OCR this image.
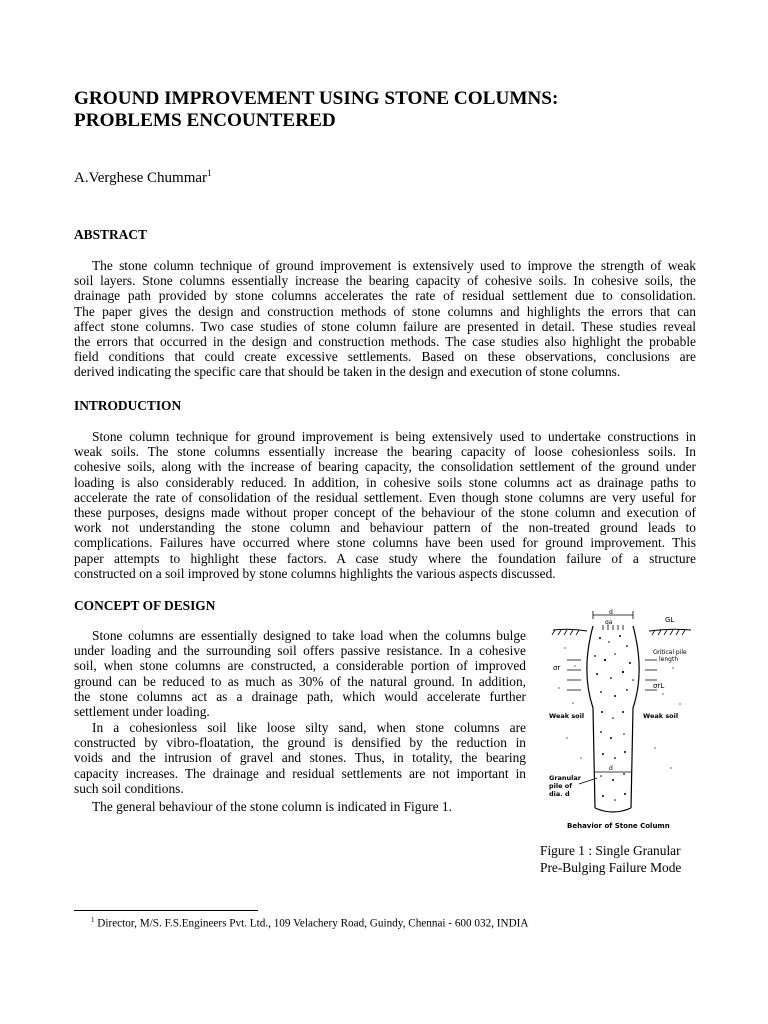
GROUND IMPROVEMENT USING STONE COLUMNS:
PROBLEMS ENCOUNTERED

A.Verghese Chummar$^1$

ABSTRACT
The stone column technique of ground improvement is extensively used to improve the strength of weak
soil layers. Stone columns essentially increase the bearing capacity of cohesive soils. In cohesive soils, the
drainage path provided by stone columns accelerates the rate of residual settlement due to consolidation.
The paper gives the design and construction methods of stone columns and highlights the errors that can
affect stone columns. Two case studies of stone column failure are presented in detail. These studies reveal
the errors that occurred in the design and construction methods. The case studies also highlight the probable
field conditions that could create excessive settlements. Based on these observations, conclusions are
derived indicating the specific care that should be taken in the design and execution of stone columns.
INTRODUCTION
Stone column technique for ground improvement is being extensively used to undertake constructions in
weak soils. The stone columns essentially increase the bearing capacity of loose cohesionless soils. In
cohesive soils, along with the increase of bearing capacity, the consolidation settlement of the ground under
loading is also considerably reduced. In addition, in cohesive soils stone columns act as drainage paths to
accelerate the rate of consolidation of the residual settlement. Even though stone columns are very useful for
these purposes, designs made without proper concept of the behaviour of the stone column and execution of
work not understanding the stone column and behaviour pattern of the non-treated ground leads to
complications. Failures have occurred where stone columns have been used for ground improvement. This
paper attempts to highlight these factors. A case study where the foundation failure of a structure
constructed on a soil improved by stone columns highlights the various aspects discussed.
CONCEPT OF DESIGN
Stone columns are essentially designed to take load when the columns bulge
under loading and the surrounding soil offers passive resistance. In a cohesive
soil, when stone columns are constructed, a considerable portion of improved
ground can be reduced to as much as 30% of the natural ground. In addition,
the stone columns act as a drainage path, which would accelerate further
settlement under loading.
In a cohesionless soil like loose silty sand, when stone columns are
constructed by vibro-floatation, the ground is densified by the reduction in
voids and the intrusion of gravel and stones. Thus, in totality, the bearing
capacity increases. The drainage and residual settlements are not important in
such soil conditions.
The general behaviour of the stone column is indicated in Figure 1.
d
qa	GL
σr
Critical pile
length
σrL
Weak soil	Weak soil
d
Granular
pile of
dia. d
Behavior of Stone Column

Figure 1 : Single Granular
Pre-Bulging Failure Mode

$^1$ Director, M/S. F.S.Engineers Pvt. Ltd., 109 Velachery Road, Guindy, Chennai - 600 032, INDIA
